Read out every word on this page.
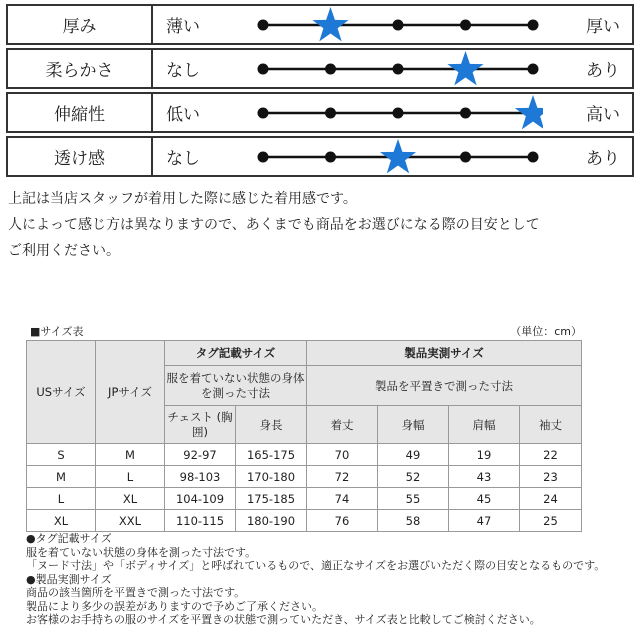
厚み	薄い	厚い
柔らかさ	なし	あり
伸縮性	低い	高い
透け感	なし	あり

上記は当店スタッフが着用した際に感じた着用感です。

人によって感じ方は異なりますので、あくまでも商品をお選びになる際の目安として

ご利用ください。

■サイズ表	（単位：cm）
USサイズ	JPサイズ	タグ記載サイズ		製品実測サイズ			
		服を着ていない状態の身体を測った寸法		製品を平置きで測った寸法			
		チェスト (胸囲)	身長	着丈	身幅	肩幅	袖丈
S	M	92-97	165-175	70	49	19	22
M	L	98-103	170-180	72	52	43	23
L	XL	104-109	175-185	74	55	45	24
XL	XXL	110-115	180-190	76	58	47	25

●タグ記載サイズ

服を着ていない状態の身体を測った寸法です。

「ヌード寸法」や「ボディサイズ」と呼ばれているもので、適正なサイズをお選びいただく際の目安となるものです。

●製品実測サイズ

商品の該当箇所を平置きで測った寸法です。

製品により多少の誤差がありますので予めご了承ください。

お客様のお手持ちの服のサイズを平置きの状態で測っていただき、サイズ表と比較してご検討ください。
